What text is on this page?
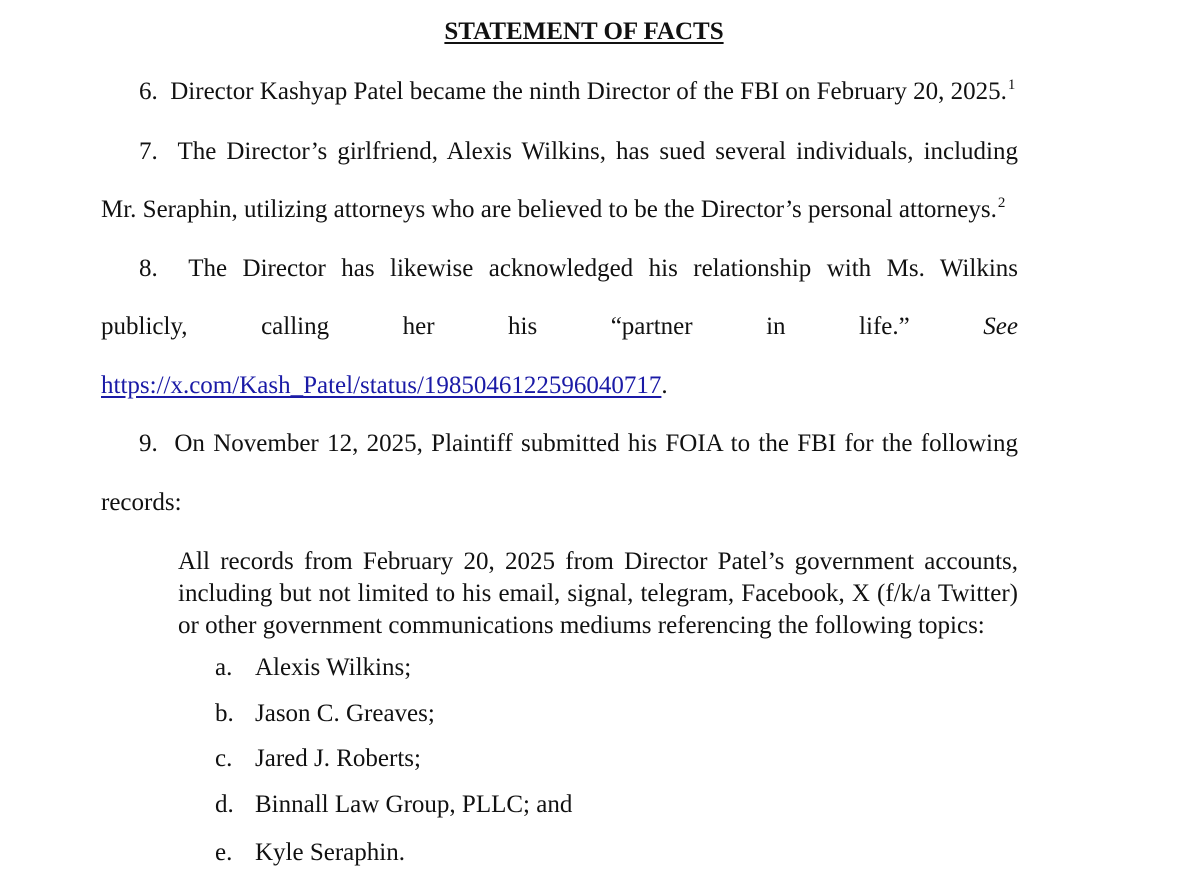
STATEMENT OF FACTS
6. Director Kashyap Patel became the ninth Director of the FBI on February 20, 2025.$^1$
7. The Director’s girlfriend, Alexis Wilkins, has sued several individuals, including
Mr. Seraphin, utilizing attorneys who are believed to be the Director’s personal attorneys.$^2$
8. The Director has likewise acknowledged his relationship with Ms. Wilkins
publicly,	calling	her	his	“partner	in	life.”	See
https://x.com/Kash_Patel/status/1985046122596040717.
9. On November 12, 2025, Plaintiff submitted his FOIA to the FBI for the following
records:
All records from February 20, 2025 from Director Patel’s government accounts, including but not limited to his email, signal, telegram, Facebook, X (f/k/a Twitter) or other government communications mediums referencing the following topics:
a. Alexis Wilkins;
b. Jason C. Greaves;
c. Jared J. Roberts;
d. Binnall Law Group, PLLC; and
e. Kyle Seraphin.
